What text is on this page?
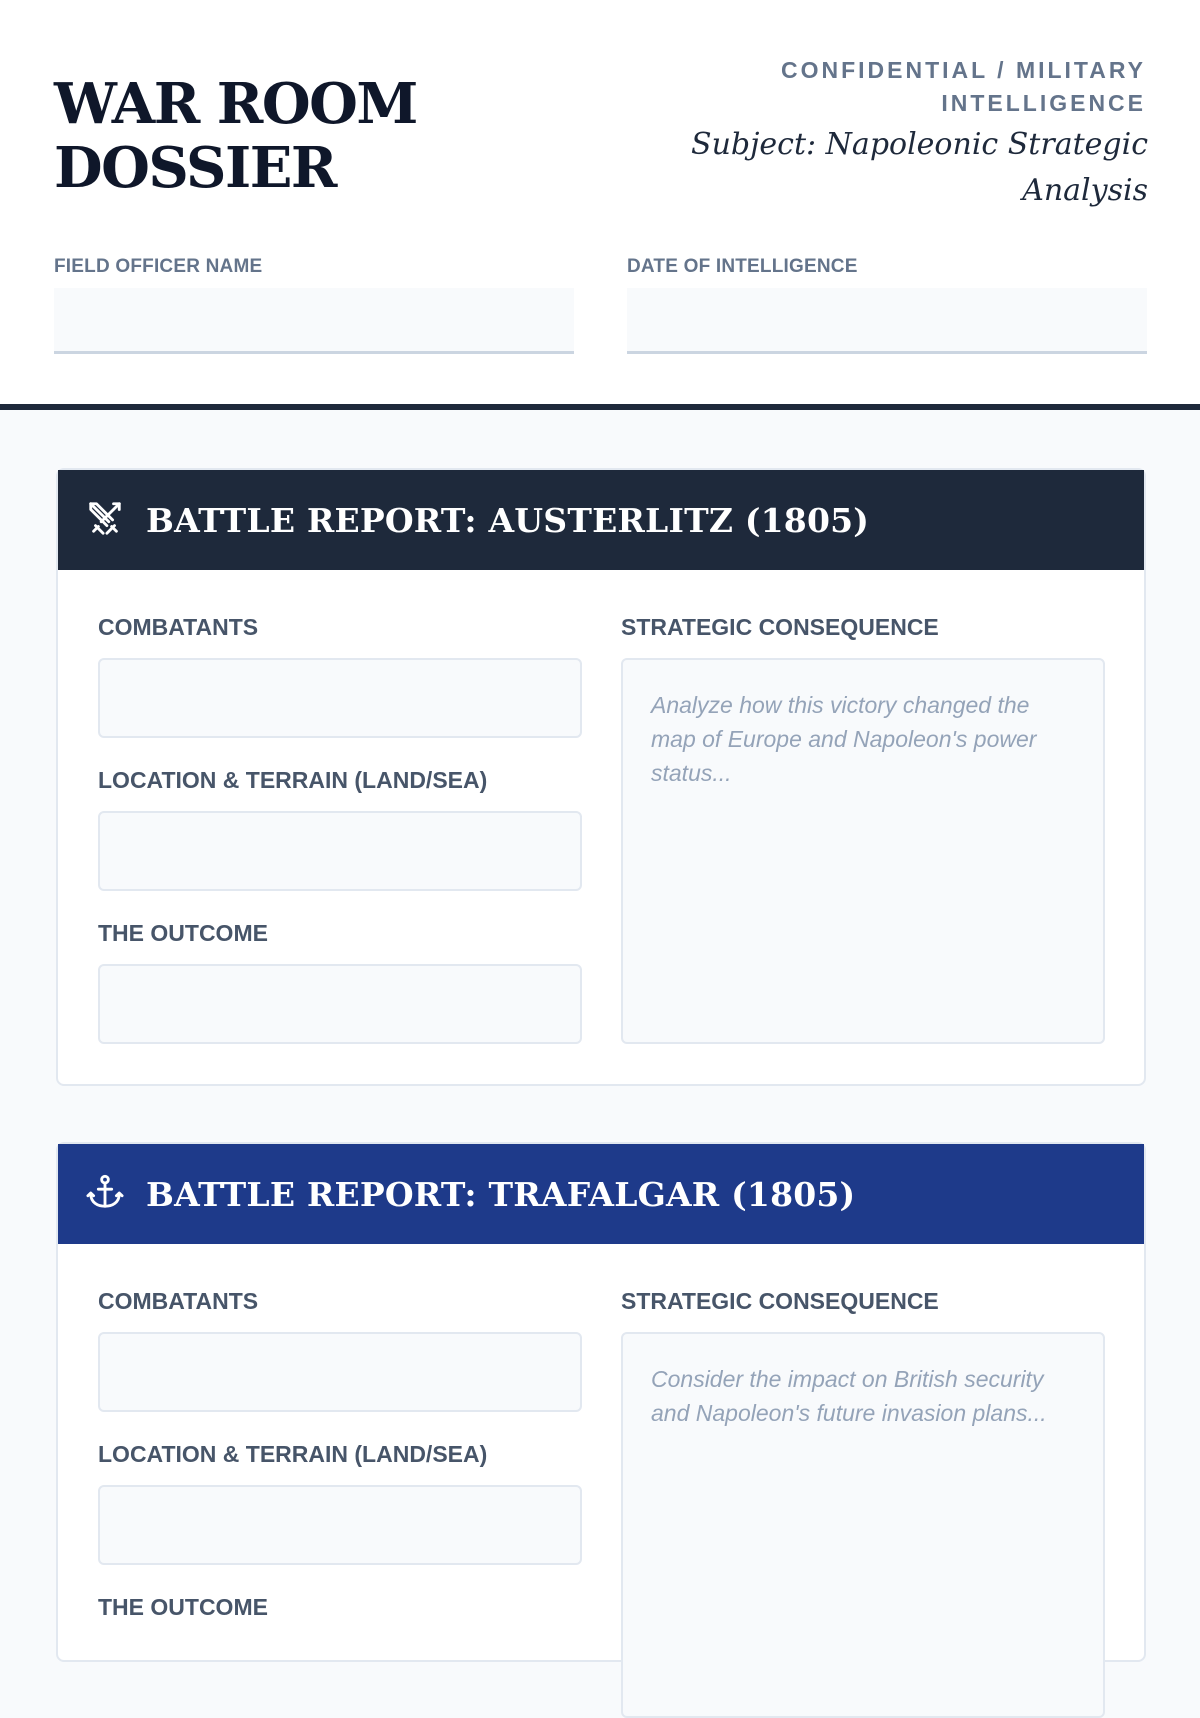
WAR ROOM DOSSIER
CONFIDENTIAL / MILITARY INTELLIGENCE
Subject: Napoleonic Strategic Analysis
FIELD OFFICER NAME	DATE OF INTELLIGENCE
BATTLE REPORT: AUSTERLITZ (1805)
COMBATANTS
LOCATION & TERRAIN (LAND/SEA)
THE OUTCOME
STRATEGIC CONSEQUENCE
Analyze how this victory changed the map of Europe and Napoleon's power status...
BATTLE REPORT: TRAFALGAR (1805)
COMBATANTS
LOCATION & TERRAIN (LAND/SEA)
THE OUTCOME
STRATEGIC CONSEQUENCE
Consider the impact on British security and Napoleon's future invasion plans...
